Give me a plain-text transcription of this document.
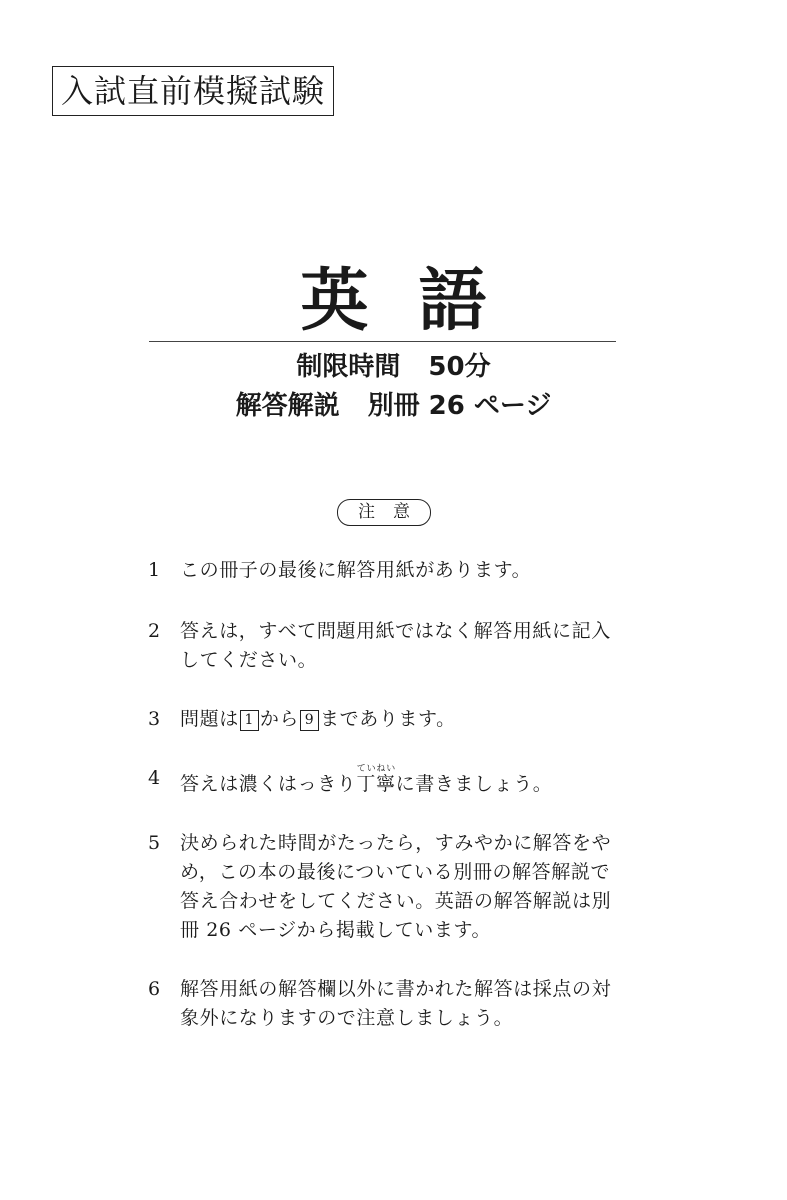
入試直前模擬試験
英語
制限時間 50分
解答解説 別冊 26 ページ
注意
1 この冊子の最後に解答用紙があります。
2 答えは，すべて問題用紙ではなく解答用紙に記入してください。
3 問題は 1 から 9 まであります。
4 答えは濃くはっきり丁寧ていねいに書きましょう。
5 決められた時間がたったら，すみやかに解答をやめ，この本の最後についている別冊の解答解説で答え合わせをしてください。英語の解答解説は別冊 26 ページから掲載しています。
6 解答用紙の解答欄以外に書かれた解答は採点の対象外になりますので注意しましょう。
